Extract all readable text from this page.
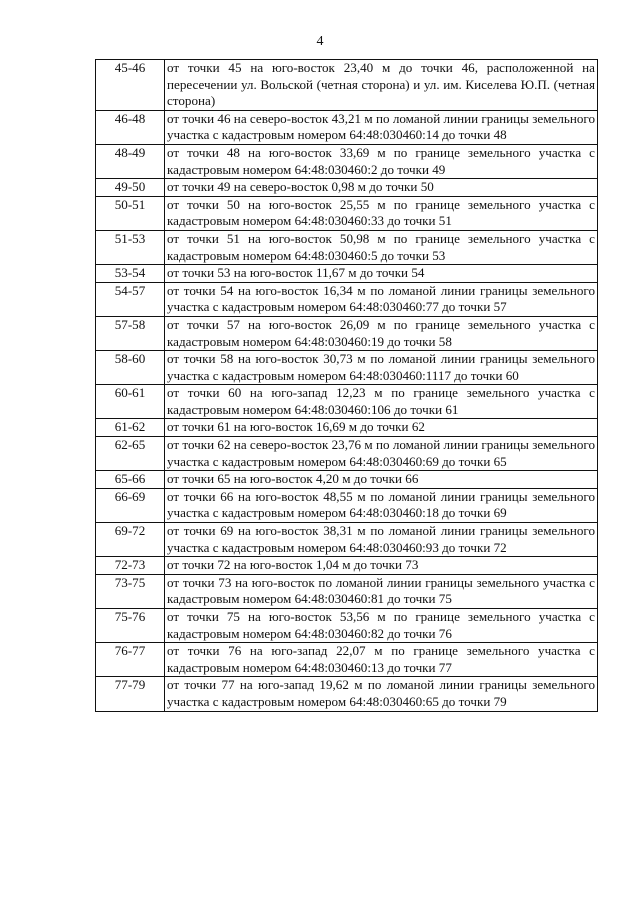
4
45-46	от точки 45 на юго-восток 23,40 м до точки 46, расположенной на пересечении ул. Вольской (четная сторона) и ул. им. Киселева Ю.П. (четная сторона)
46-48	от точки 46 на северо-восток 43,21 м по ломаной линии границы земельного участка с кадастровым номером 64:48:030460:14 до точки 48
48-49	от точки 48 на юго-восток 33,69 м по границе земельного участка с кадастровым номером 64:48:030460:2 до точки 49
49-50	от точки 49 на северо-восток 0,98 м до точки 50
50-51	от точки 50 на юго-восток 25,55 м по границе земельного участка с кадастровым номером 64:48:030460:33 до точки 51
51-53	от точки 51 на юго-восток 50,98 м по границе земельного участка с кадастровым номером 64:48:030460:5 до точки 53
53-54	от точки 53 на юго-восток 11,67 м до точки 54
54-57	от точки 54 на юго-восток 16,34 м по ломаной линии границы земельного участка с кадастровым номером 64:48:030460:77 до точки 57
57-58	от точки 57 на юго-восток 26,09 м по границе земельного участка с кадастровым номером 64:48:030460:19 до точки 58
58-60	от точки 58 на юго-восток 30,73 м по ломаной линии границы земельного участка с кадастровым номером 64:48:030460:1117 до точки 60
60-61	от точки 60 на юго-запад 12,23 м по границе земельного участка с кадастровым номером 64:48:030460:106 до точки 61
61-62	от точки 61 на юго-восток 16,69 м до точки 62
62-65	от точки 62 на северо-восток 23,76 м по ломаной линии границы земельного участка с кадастровым номером 64:48:030460:69 до точки 65
65-66	от точки 65 на юго-восток 4,20 м до точки 66
66-69	от точки 66 на юго-восток 48,55 м по ломаной линии границы земельного участка с кадастровым номером 64:48:030460:18 до точки 69
69-72	от точки 69 на юго-восток 38,31 м по ломаной линии границы земельного участка с кадастровым номером 64:48:030460:93 до точки 72
72-73	от точки 72 на юго-восток 1,04 м до точки 73
73-75	от точки 73 на юго-восток по ломаной линии границы земельного участка с кадастровым номером 64:48:030460:81 до точки 75
75-76	от точки 75 на юго-восток 53,56 м по границе земельного участка с кадастровым номером 64:48:030460:82 до точки 76
76-77	от точки 76 на юго-запад 22,07 м по границе земельного участка с кадастровым номером 64:48:030460:13 до точки 77
77-79	от точки 77 на юго-запад 19,62 м по ломаной линии границы земельного участка с кадастровым номером 64:48:030460:65 до точки 79
